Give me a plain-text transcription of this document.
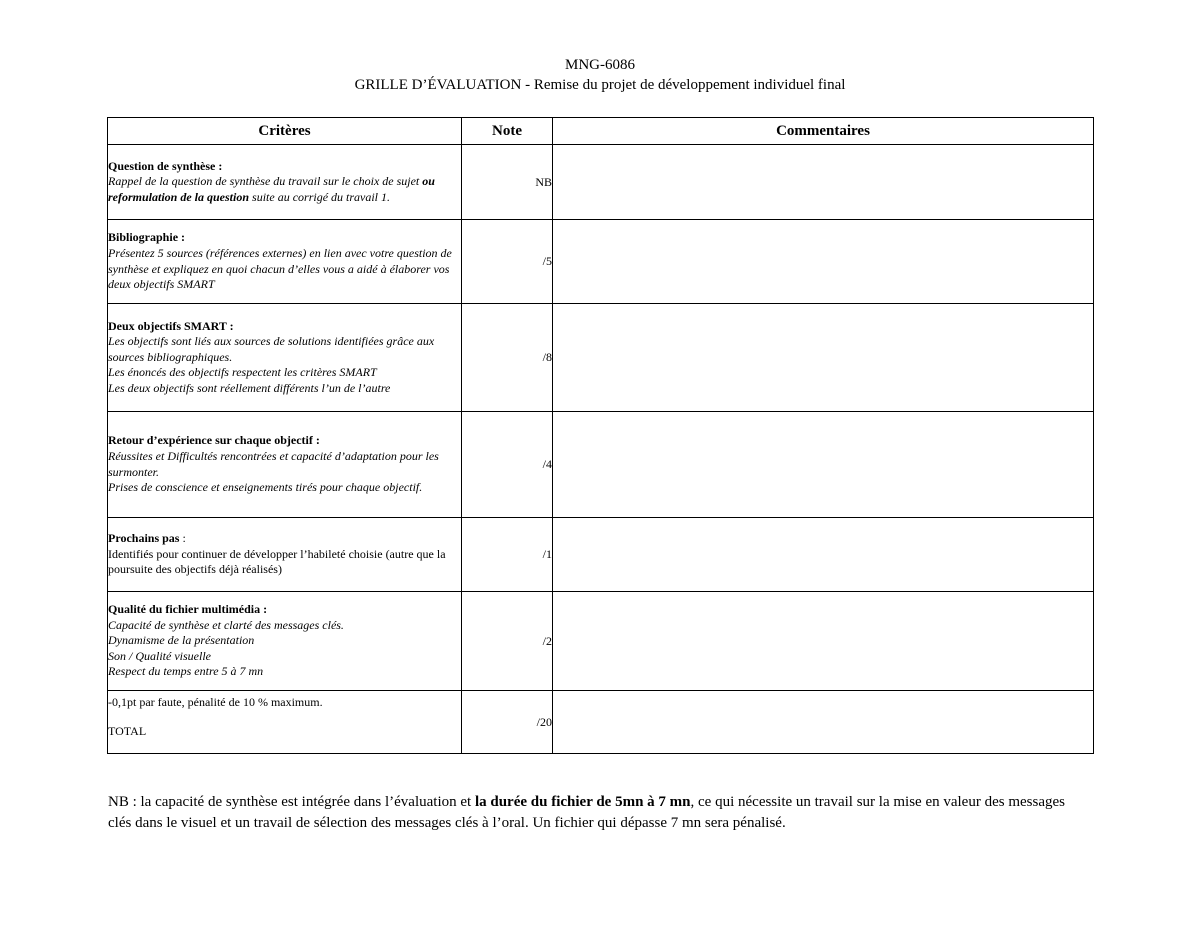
MNG-6086
GRILLE D’ÉVALUATION - Remise du projet de développement individuel final
Critères	Note	Commentaires

Question de synthèse :
Rappel de la question de synthèse du travail sur le choix de sujet ou reformulation de la question suite au corrigé du travail 1.	NB	

Bibliographie :
Présentez 5 sources (références externes) en lien avec votre question de synthèse et expliquez en quoi chacun d’elles vous a aidé à élaborer vos deux objectifs SMART	/5	

Deux objectifs SMART :
Les objectifs sont liés aux sources de solutions identifiées grâce aux sources bibliographiques.
Les énoncés des objectifs respectent les critères SMART
Les deux objectifs sont réellement différents l’un de l’autre	/8	

Retour d’expérience sur chaque objectif :
Réussites et Difficultés rencontrées et capacité d’adaptation pour les surmonter.
Prises de conscience et enseignements tirés pour chaque objectif.	/4	

Prochains pas :
Identifiés pour continuer de développer l’habileté choisie (autre que la poursuite des objectifs déjà réalisés)	/1	

Qualité du fichier multimédia :
Capacité de synthèse et clarté des messages clés.
Dynamisme de la présentation
Son / Qualité visuelle
Respect du temps entre 5 à 7 mn	/2	

-0,1pt par faute, pénalité de 10 % maximum.
TOTAL	/20	
NB : la capacité de synthèse est intégrée dans l’évaluation et la durée du fichier de 5mn à 7 mn, ce qui nécessite un travail sur la mise en valeur des messages clés dans le visuel et un travail de sélection des messages clés à l’oral. Un fichier qui dépasse 7 mn sera pénalisé.
